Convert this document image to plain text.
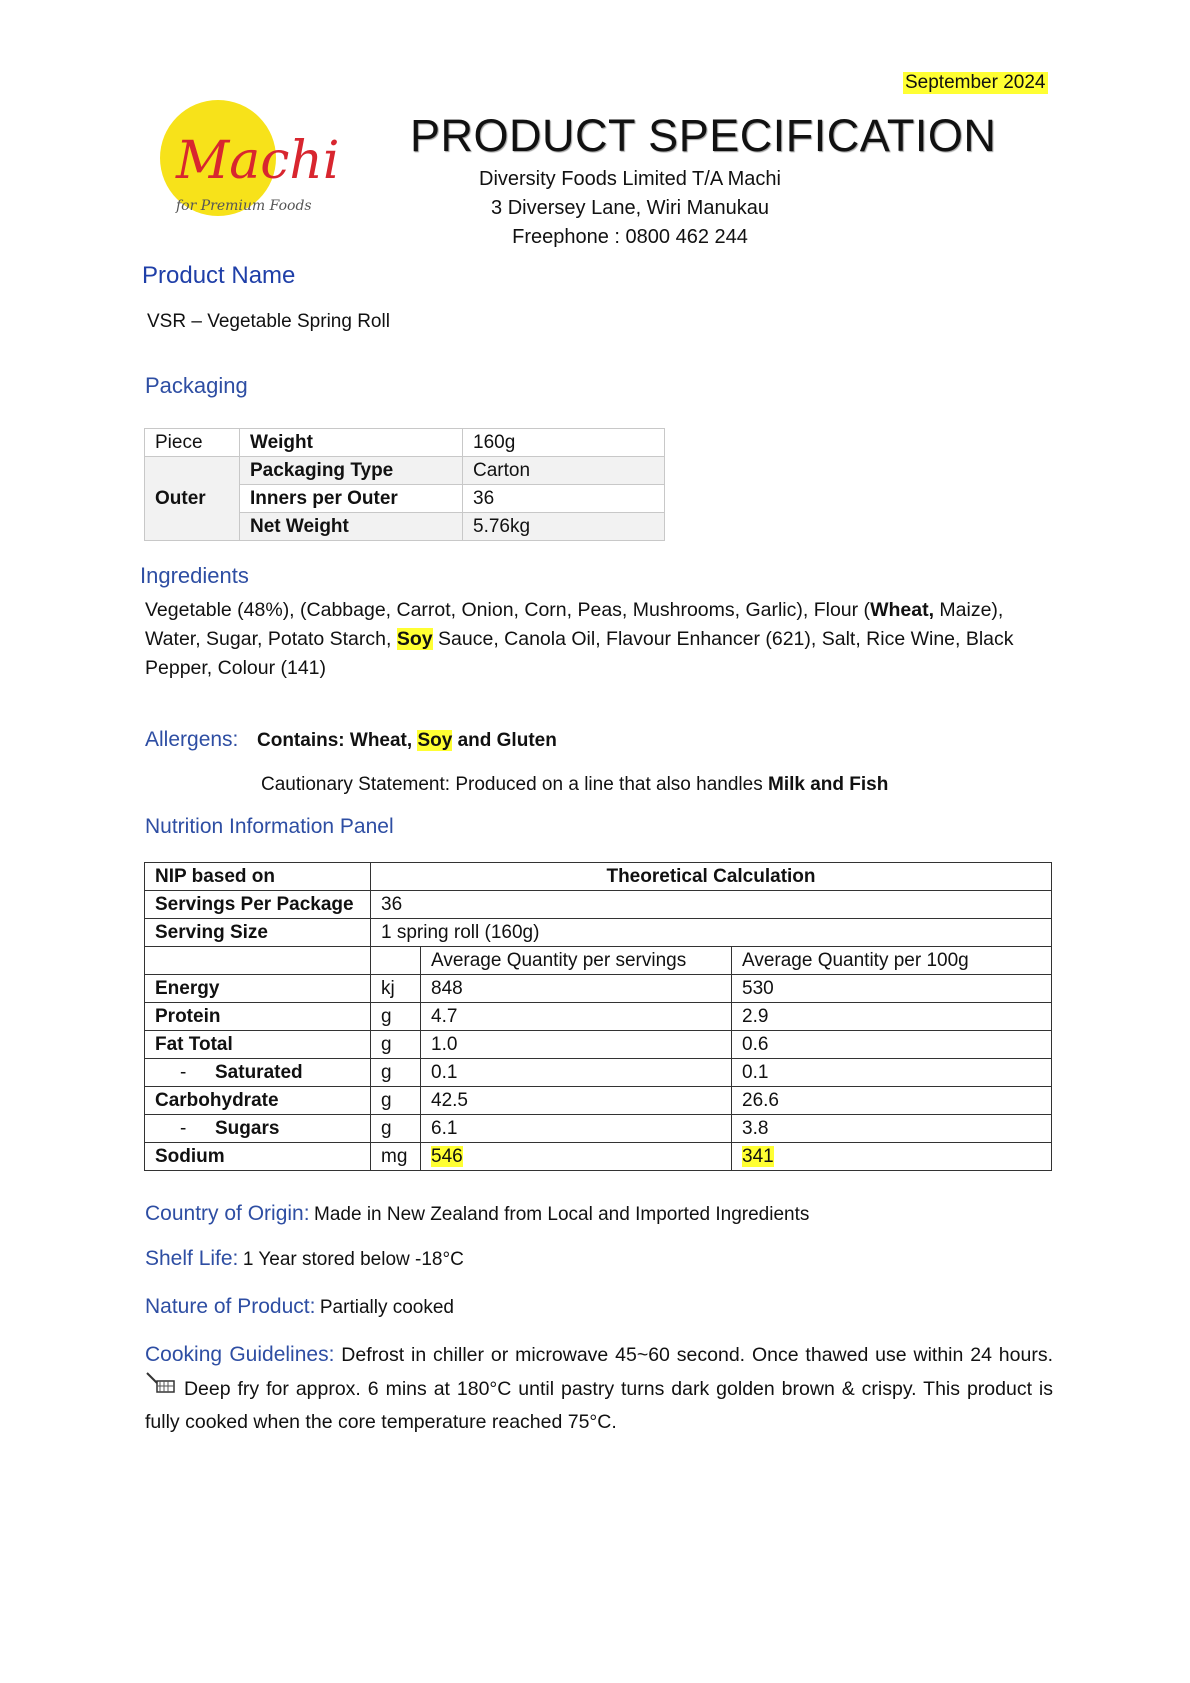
September 2024
Machi
for Premium Foods
PRODUCT SPECIFICATION
Diversity Foods Limited T/A Machi
3 Diversey Lane, Wiri Manukau
Freephone : 0800 462 244
Product Name
VSR – Vegetable Spring Roll
Packaging
Piece	Weight	160g
Outer	Packaging Type	Carton
	Inners per Outer	36
	Net Weight	5.76kg
Ingredients
Vegetable (48%), (Cabbage, Carrot, Onion, Corn, Peas, Mushrooms, Garlic), Flour (Wheat, Maize), Water, Sugar, Potato Starch, Soy Sauce, Canola Oil, Flavour Enhancer (621), Salt, Rice Wine, Black Pepper, Colour (141)
Allergens: Contains: Wheat, Soy and Gluten
Cautionary Statement: Produced on a line that also handles Milk and Fish
Nutrition Information Panel
NIP based on	Theoretical Calculation		
Servings Per Package	36		
Serving Size	1 spring roll (160g)		
		Average Quantity per servings	Average Quantity per 100g
Energy	kj	848	530
Protein	g	4.7	2.9
Fat Total	g	1.0	0.6
- Saturated	g	0.1	0.1
Carbohydrate	g	42.5	26.6
- Sugars	g	6.1	3.8
Sodium	mg	546	341
Country of Origin: Made in New Zealand from Local and Imported Ingredients
Shelf Life: 1 Year stored below -18°C
Nature of Product: Partially cooked
Cooking Guidelines: Defrost in chiller or microwave 45~60 second. Once thawed use within 24 hours.  Deep fry for approx. 6 mins at 180°C until pastry turns dark golden brown & crispy. This product is fully cooked when the core temperature reached 75°C.
